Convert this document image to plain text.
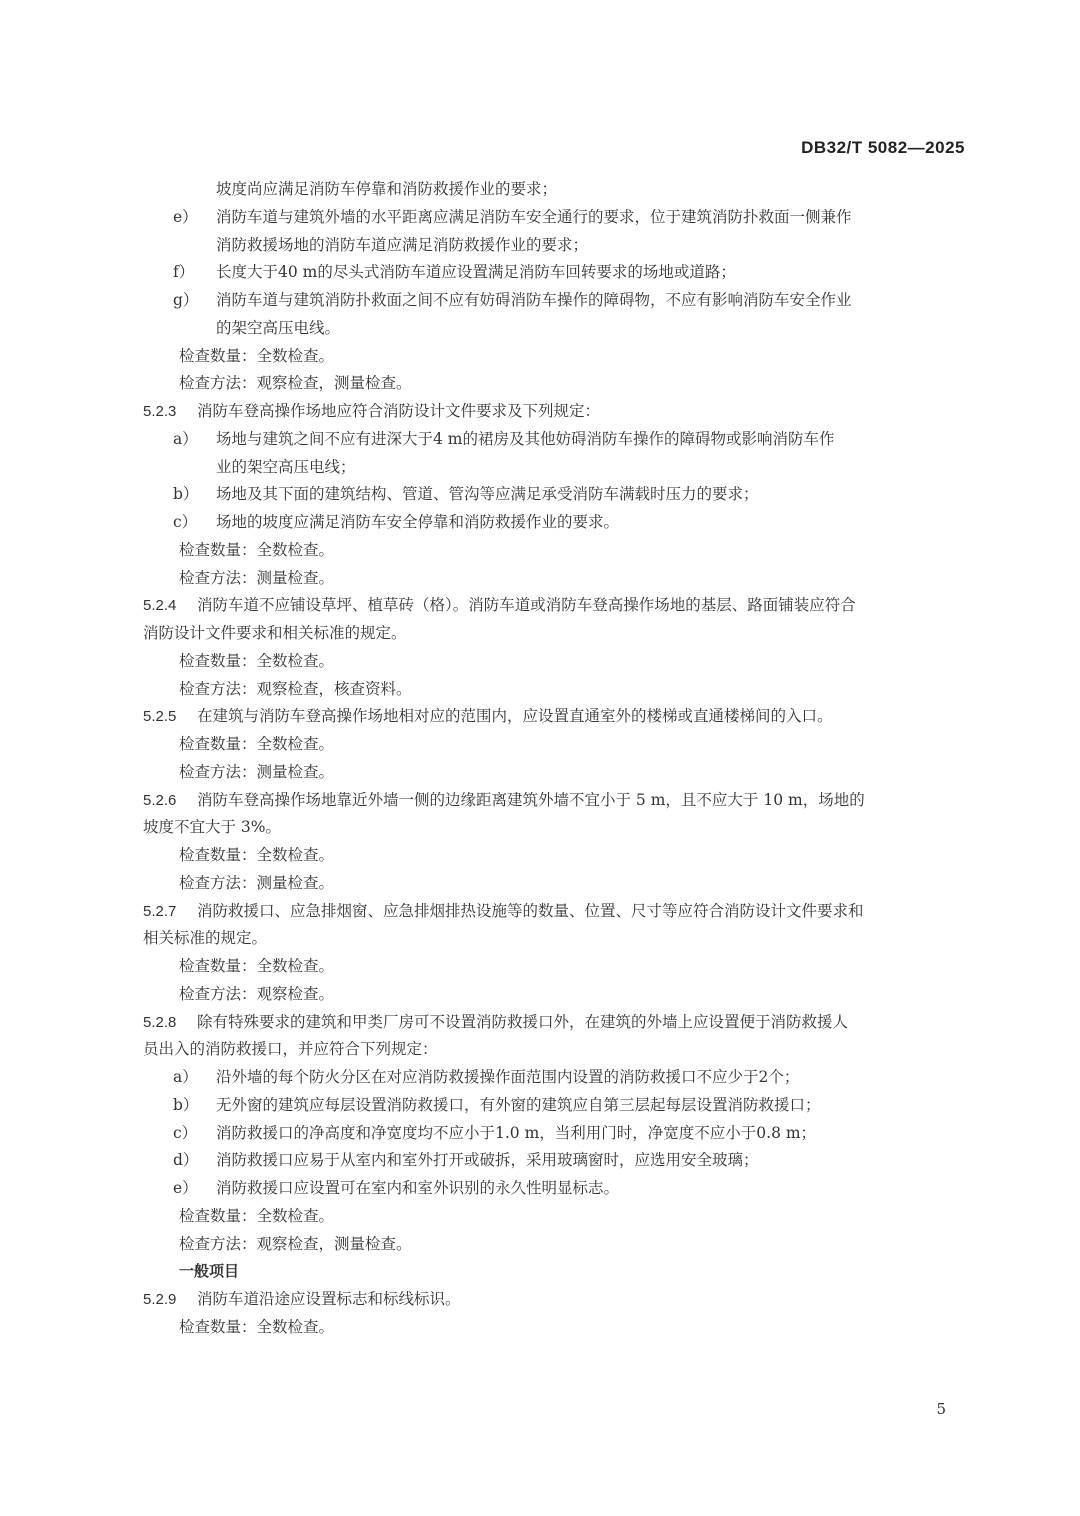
DB32/T 5082—2025
坡度尚应满足消防车停靠和消防救援作业的要求；
e） 消防车道与建筑外墙的水平距离应满足消防车安全通行的要求，位于建筑消防扑救面一侧兼作
消防救援场地的消防车道应满足消防救援作业的要求；
f） 长度大于40 m的尽头式消防车道应设置满足消防车回转要求的场地或道路；
g） 消防车道与建筑消防扑救面之间不应有妨碍消防车操作的障碍物，不应有影响消防车安全作业
的架空高压电线。
检查数量：全数检查。
检查方法：观察检查，测量检查。
5.2.3 消防车登高操作场地应符合消防设计文件要求及下列规定：
a） 场地与建筑之间不应有进深大于4 m的裙房及其他妨碍消防车操作的障碍物或影响消防车作
业的架空高压电线；
b） 场地及其下面的建筑结构、管道、管沟等应满足承受消防车满载时压力的要求；
c） 场地的坡度应满足消防车安全停靠和消防救援作业的要求。
检查数量：全数检查。
检查方法：测量检查。
5.2.4 消防车道不应铺设草坪、植草砖（格）。消防车道或消防车登高操作场地的基层、路面铺装应符合
消防设计文件要求和相关标准的规定。
检查数量：全数检查。
检查方法：观察检查，核查资料。
5.2.5 在建筑与消防车登高操作场地相对应的范围内，应设置直通室外的楼梯或直通楼梯间的入口。
检查数量：全数检查。
检查方法：测量检查。
5.2.6 消防车登高操作场地靠近外墙一侧的边缘距离建筑外墙不宜小于 5 m，且不应大于 10 m，场地的
坡度不宜大于 3%。
检查数量：全数检查。
检查方法：测量检查。
5.2.7 消防救援口、应急排烟窗、应急排烟排热设施等的数量、位置、尺寸等应符合消防设计文件要求和
相关标准的规定。
检查数量：全数检查。
检查方法：观察检查。
5.2.8 除有特殊要求的建筑和甲类厂房可不设置消防救援口外，在建筑的外墙上应设置便于消防救援人
员出入的消防救援口，并应符合下列规定：
a） 沿外墙的每个防火分区在对应消防救援操作面范围内设置的消防救援口不应少于2个；
b） 无外窗的建筑应每层设置消防救援口，有外窗的建筑应自第三层起每层设置消防救援口；
c） 消防救援口的净高度和净宽度均不应小于1.0 m，当利用门时，净宽度不应小于0.8 m；
d） 消防救援口应易于从室内和室外打开或破拆，采用玻璃窗时，应选用安全玻璃；
e） 消防救援口应设置可在室内和室外识别的永久性明显标志。
检查数量：全数检查。
检查方法：观察检查，测量检查。
一般项目
5.2.9 消防车道沿途应设置标志和标线标识。
检查数量：全数检查。
5
